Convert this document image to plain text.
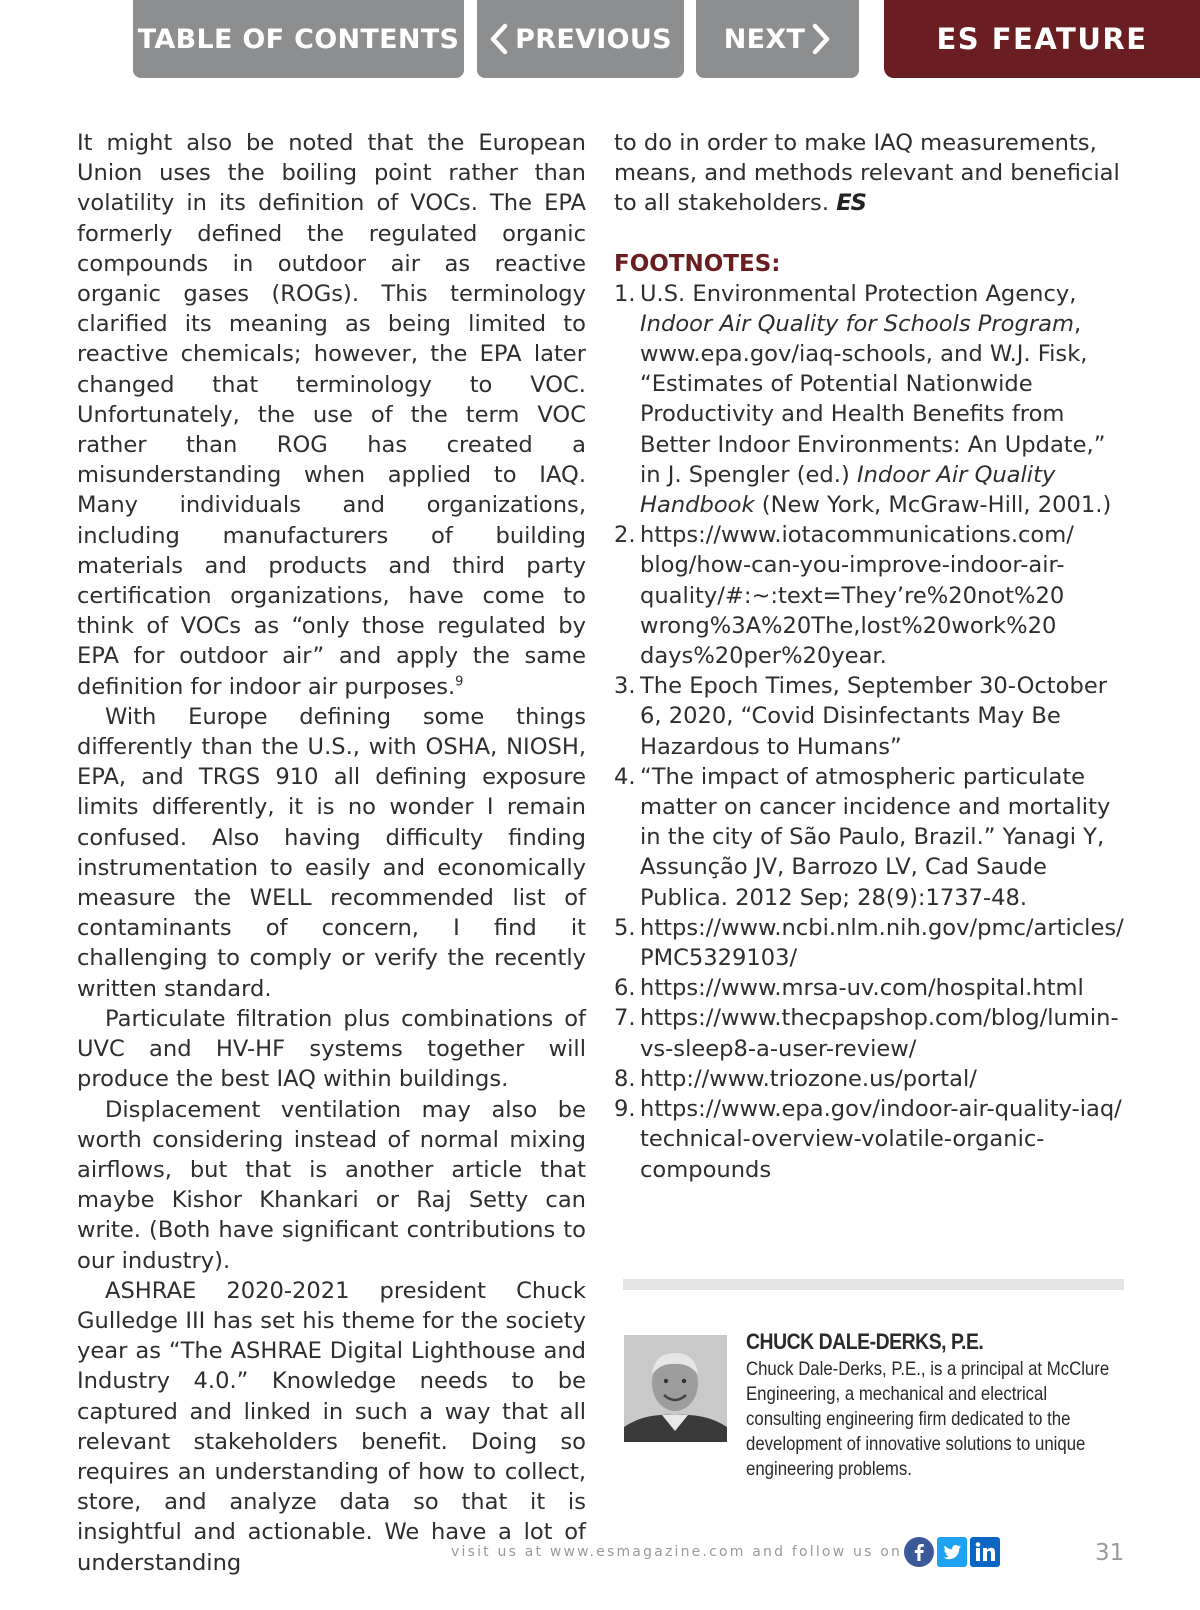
TABLE OF CONTENTS PREVIOUS NEXT	ES FEATURE

It might also be noted that the European Union uses the boiling point rather than volatility in its definition of VOCs. The EPA formerly defined the regulated organic compounds in outdoor air as reactive organic gases (ROGs). This terminology clarified its meaning as being limited to reactive chemicals; however, the EPA later changed that terminology to VOC. Unfortunately, the use of the term VOC rather than ROG has created a misunderstanding when applied to IAQ. Many individuals and organizations, including manufacturers of building materials and products and third party certification organizations, have come to think of VOCs as “only those regulated by EPA for outdoor air” and apply the same definition for indoor air purposes.$^9$

With Europe defining some things differently than the U.S., with OSHA, NIOSH, EPA, and TRGS 910 all defining exposure limits differently, it is no wonder I remain confused. Also having difficulty finding instrumentation to easily and economically measure the WELL recommended list of contaminants of concern, I find it challenging to comply or verify the recently written standard.

Particulate filtration plus combinations of UVC and HV-HF systems together will produce the best IAQ within buildings.

Displacement ventilation may also be worth considering instead of normal mixing airflows, but that is another article that maybe Kishor Khankari or Raj Setty can write. (Both have significant contributions to our industry).

ASHRAE 2020-2021 president Chuck Gulledge III has set his theme for the society year as “The ASHRAE Digital Lighthouse and Industry 4.0.” Knowledge needs to be captured and linked in such a way that all relevant stakeholders benefit. Doing so requires an understanding of how to collect, store, and analyze data so that it is insightful and actionable. We have a lot of understanding

to do in order to make IAQ measurements, means, and methods relevant and beneficial to all stakeholders. ES

FOOTNOTES:

1. U.S. Environmental Protection Agency, Indoor Air Quality for Schools Program, www.epa.gov/iaq-schools, and W.J. Fisk, “Estimates of Potential Nationwide Productivity and Health Benefits from Better Indoor Environments: An Update,” in J. Spengler (ed.) Indoor Air Quality Handbook (New York, McGraw-Hill, 2001.)

2. https://www.iotacommunications.com/ blog/how-can-you-improve-indoor-air-quality/#:~:text=They’re%20not%20 wrong%3A%20The,lost%20work%20 days%20per%20year.

3. The Epoch Times, September 30-October 6, 2020, “Covid Disinfectants May Be Hazardous to Humans”

4. “The impact of atmospheric particulate matter on cancer incidence and mortality in the city of São Paulo, Brazil.” Yanagi Y, Assunção JV, Barrozo LV, Cad Saude Publica. 2012 Sep; 28(9):1737-48.

5. https://www.ncbi.nlm.nih.gov/pmc/articles/ PMC5329103/

6. https://www.mrsa-uv.com/hospital.html

7. https://www.thecpapshop.com/blog/lumin-vs-sleep8-a-user-review/

8. http://www.triozone.us/portal/

9. https://www.epa.gov/indoor-air-quality-iaq/ technical-overview-volatile-organic-compounds

CHUCK DALE-DERKS, P.E.
Chuck Dale-Derks, P.E., is a principal at McClure Engineering, a mechanical and electrical consulting engineering firm dedicated to the development of innovative solutions to unique engineering problems.
visit us at www.esmagazine.com and follow us on	31
